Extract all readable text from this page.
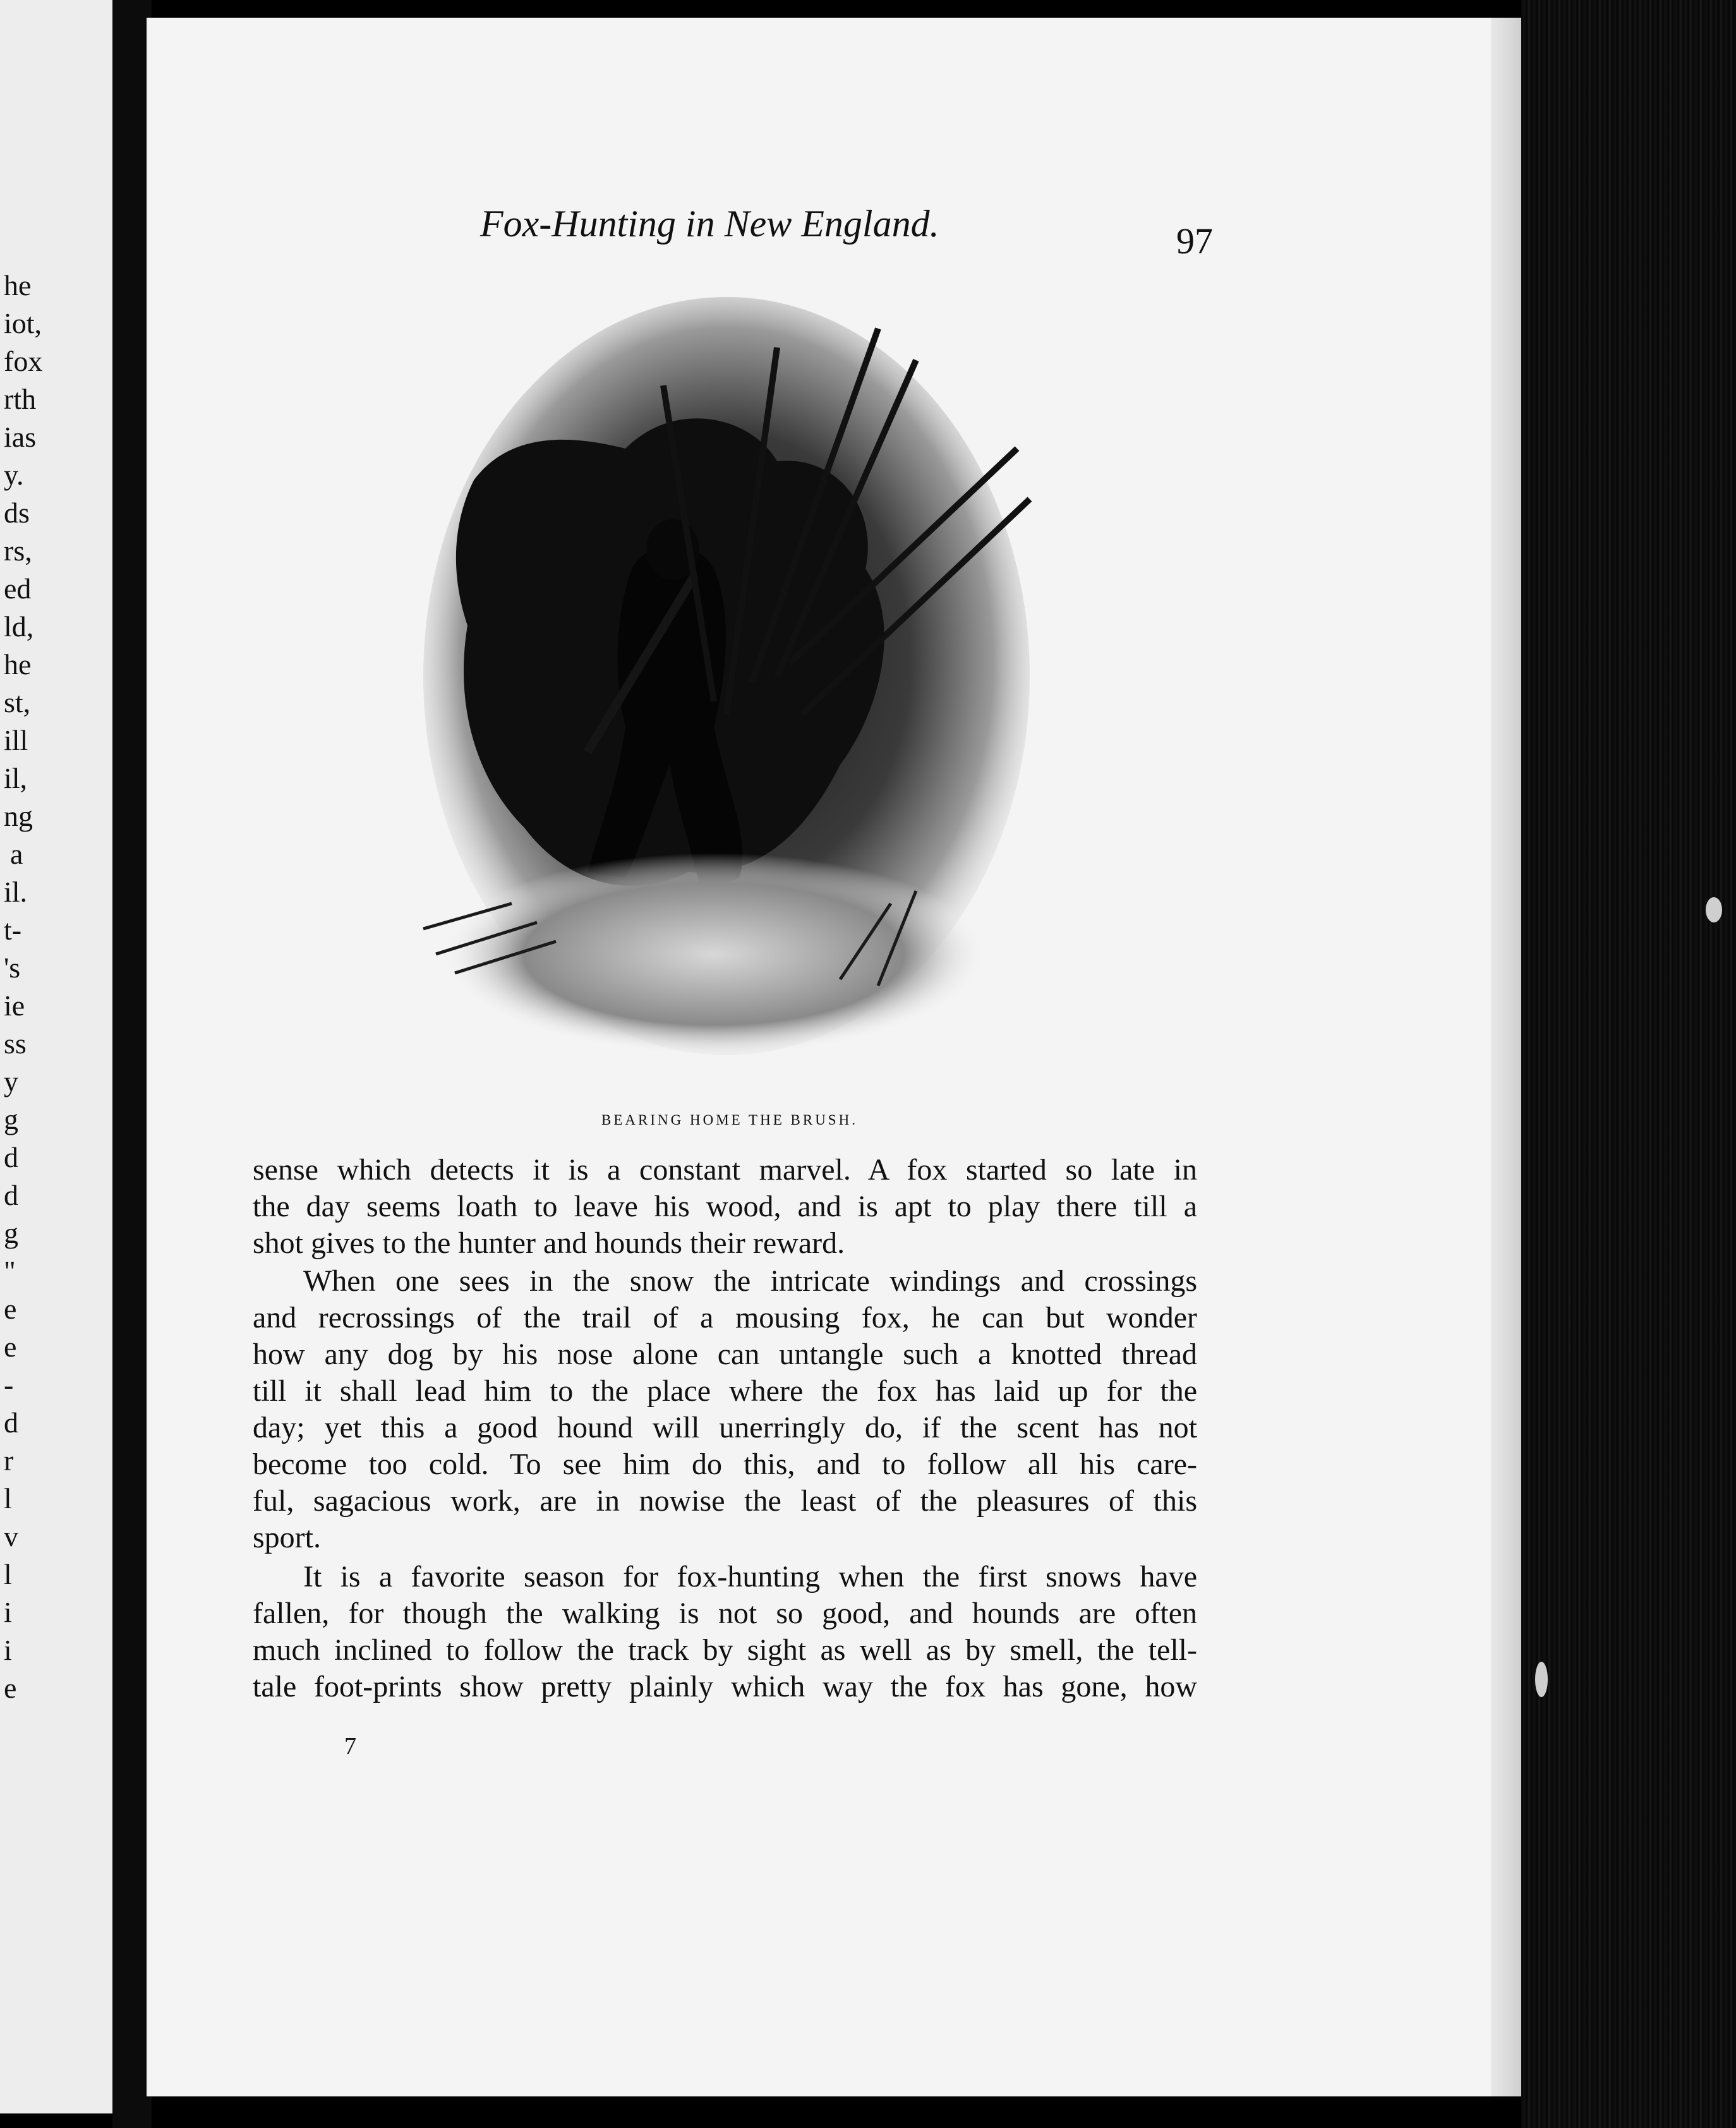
he
iot,
fox
rth
ias
y.
ds
rs,
ed
ld,
he
st,
ill
il,
ng
a
il.
t-
's
ie
ss
y
g
d
d
g
"
e
e
-
d
r
l
v
l
i
i
e
Fox-Hunting in New England.	97
BEARING HOME THE BRUSH.
sense which detects it is a constant marvel. A fox started so late in
the day seems loath to leave his wood, and is apt to play there till a
shot gives to the hunter and hounds their reward.
When one sees in the snow the intricate windings and crossings
and recrossings of the trail of a mousing fox, he can but wonder
how any dog by his nose alone can untangle such a knotted thread
till it shall lead him to the place where the fox has laid up for the
day; yet this a good hound will unerringly do, if the scent has not
become too cold. To see him do this, and to follow all his care-
ful, sagacious work, are in nowise the least of the pleasures of this
sport.
It is a favorite season for fox-hunting when the first snows have
fallen, for though the walking is not so good, and hounds are often
much inclined to follow the track by sight as well as by smell, the tell-
tale foot-prints show pretty plainly which way the fox has gone, how
7
